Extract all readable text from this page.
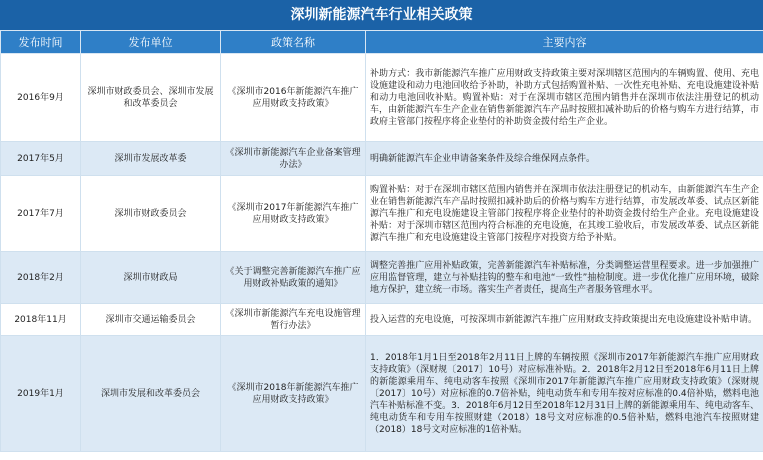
深圳新能源汽车行业相关政策
发布时间	发布单位	政策名称	主要内容
2016年9月	深圳市财政委员会、深圳市发展和改革委员会	《深圳市2016年新能源汽车推广应用财政支持政策》	补助方式：我市新能源汽车推广应用财政支持政策主要对深圳辖区范围内的车辆购置、使用、充电设施建设和动力电池回收给予补助，补助方式包括购置补贴、一次性充电补贴、充电设施建设补贴和动力电池回收补贴。购置补贴：对于在深圳市辖区范围内销售并在深圳市依法注册登记的机动车，由新能源汽车生产企业在销售新能源汽车产品时按照扣减补助后的价格与购车方进行结算，市政府主管部门按程序将企业垫付的补助资金拨付给生产企业。
2017年5月	深圳市发展改革委	《深圳市新能源汽车企业备案管理办法》	明确新能源汽车企业申请备案条件及综合维保网点条件。
2017年7月	深圳市财政委员会	《深圳市2017年新能源汽车推广应用财政支持政策》	购置补贴：对于在深圳市辖区范围内销售并在深圳市依法注册登记的机动车，由新能源汽车生产企业在销售新能源汽车产品时按照扣减补助后的价格与购车方进行结算，市发展改革委、试点区新能源汽车推广和充电设施建设主管部门按程序将企业垫付的补助资金拨付给生产企业。充电设施建设补贴：对于深圳市辖区范围内符合标准的充电设施，在其竣工验收后，市发展改革委、试点区新能源汽车推广和充电设施建设主管部门按程序对投资方给予补贴。
2018年2月	深圳市财政局	《关于调整完善新能源汽车推广应用财政补贴政策的通知》	调整完善推广应用补贴政策，完善新能源汽车补贴标准，分类调整运营里程要求。进一步加强推广应用监督管理，建立与补贴挂钩的整车和电池“一致性”抽检制度。进一步优化推广应用环境，破除地方保护，建立统一市场。落实生产者责任，提高生产者服务管理水平。
2018年11月	深圳市交通运输委员会	《深圳市新能源汽车充电设施管理暂行办法》	投入运营的充电设施，可按深圳市新能源汽车推广应用财政支持政策提出充电设施建设补贴申请。
2019年1月	深圳市发展和改革委员会	《深圳市2018年新能源汽车推广应用财政支持政策》	1．2018年1月1日至2018年2月11日上牌的车辆按照《深圳市2017年新能源汽车推广应用财政支持政策》（深财规〔2017〕10号）对应标准补贴。2．2018年2月12日至2018年6月11日上牌的新能源乘用车、纯电动客车按照《深圳市2017年新能源汽车推广应用财政支持政策》（深财规〔2017〕10号）对应标准的0.7倍补贴，纯电动货车和专用车按对应标准的0.4倍补贴，燃料电池汽车补贴标准不变。3．2018年6月12日至2018年12月31日上牌的新能源乘用车、纯电动客车、纯电动货车和专用车按照财建（2018）18号文对应标准的0.5倍补贴，燃料电池汽车按照财建（2018）18号文对应标准的1倍补贴。
